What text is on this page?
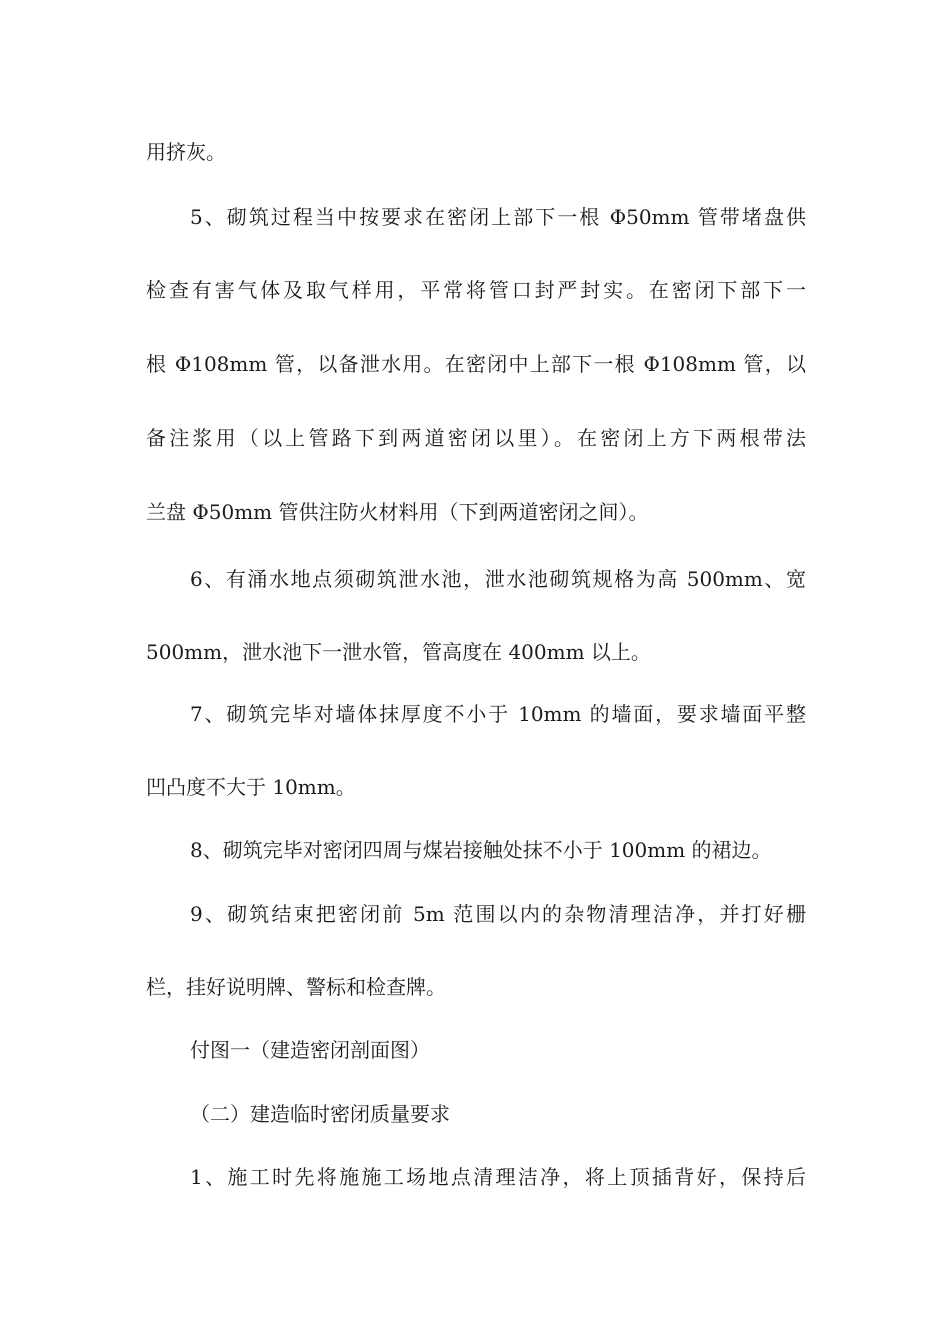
用挤灰。
5、砌筑过程当中按要求在密闭上部下一根 Φ50mm 管带堵盘供
检查有害气体及取气样用，平常将管口封严封实。在密闭下部下一
根 Φ108mm 管，以备泄水用。在密闭中上部下一根 Φ108mm 管，以
备注浆用（以上管路下到两道密闭以里）。在密闭上方下两根带法
兰盘 Φ50mm 管供注防火材料用（下到两道密闭之间）。
6、有涌水地点须砌筑泄水池，泄水池砌筑规格为高 500mm、宽
500mm，泄水池下一泄水管，管高度在 400mm 以上。
7、砌筑完毕对墙体抹厚度不小于 10mm 的墙面，要求墙面平整
凹凸度不大于 10mm。
8、砌筑完毕对密闭四周与煤岩接触处抹不小于 100mm 的裙边。
9、砌筑结束把密闭前 5m 范围以内的杂物清理洁净，并打好栅
栏，挂好说明牌、警标和检查牌。
付图一（建造密闭剖面图）
（二）建造临时密闭质量要求
1、施工时先将施施工场地点清理洁净，将上顶插背好，保持后
